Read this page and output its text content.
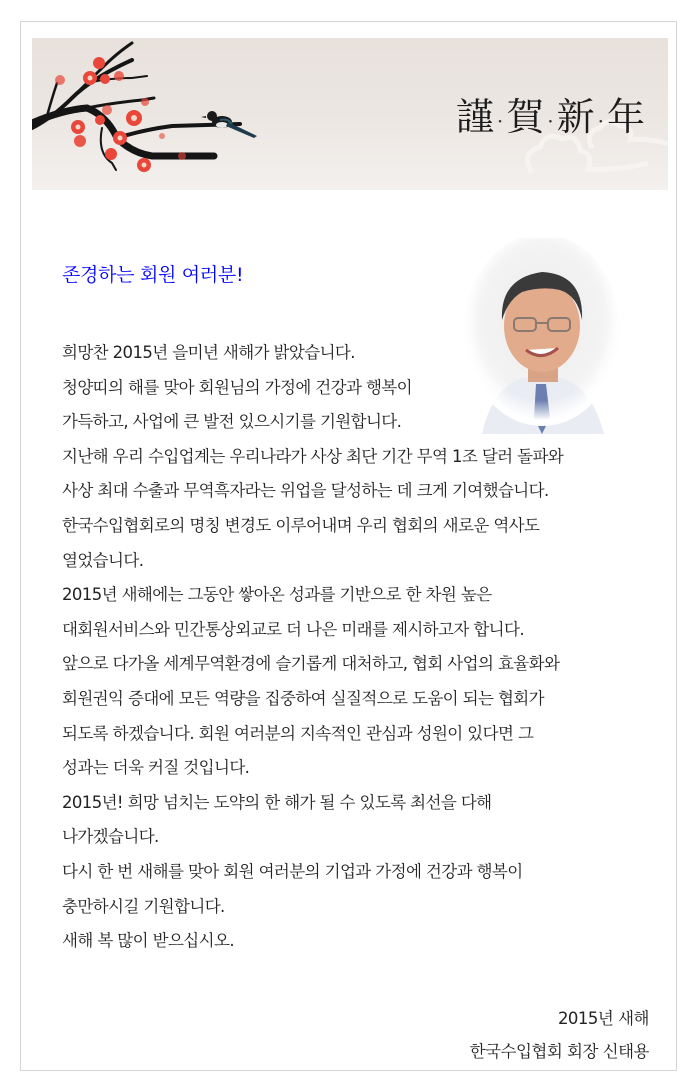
謹 ·賀 ·新 ·年
존경하는 회원 여러분!
희망찬 2015년 을미년 새해가 밝았습니다.
청양띠의 해를 맞아 회원님의 가정에 건강과 행복이
가득하고, 사업에 큰 발전 있으시기를 기원합니다.
지난해 우리 수입업계는 우리나라가 사상 최단 기간 무역 1조 달러 돌파와
사상 최대 수출과 무역흑자라는 위업을 달성하는 데 크게 기여했습니다.
한국수입협회로의 명칭 변경도 이루어내며 우리 협회의 새로운 역사도
열었습니다.
2015년 새해에는 그동안 쌓아온 성과를 기반으로 한 차원 높은
대회원서비스와 민간통상외교로 더 나은 미래를 제시하고자 합니다.
앞으로 다가올 세계무역환경에 슬기롭게 대처하고, 협회 사업의 효율화와
회원권익 증대에 모든 역량을 집중하여 실질적으로 도움이 되는 협회가
되도록 하겠습니다. 회원 여러분의 지속적인 관심과 성원이 있다면 그
성과는 더욱 커질 것입니다.
2015년! 희망 넘치는 도약의 한 해가 될 수 있도록 최선을 다해
나가겠습니다.
다시 한 번 새해를 맞아 회원 여러분의 기업과 가정에 건강과 행복이
충만하시길 기원합니다.
새해 복 많이 받으십시오.
2015년 새해
한국수입협회 회장 신태용
